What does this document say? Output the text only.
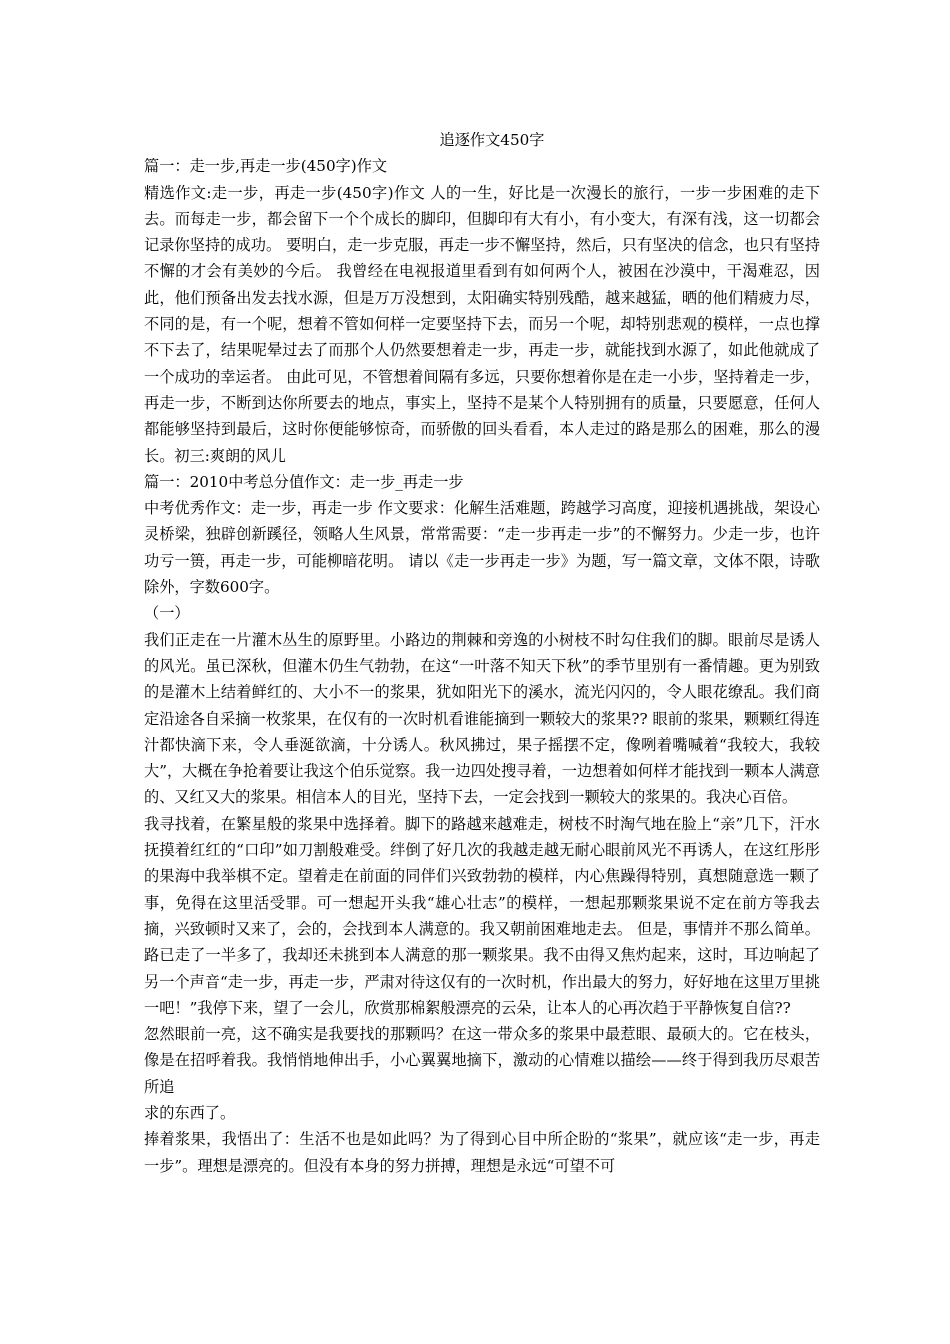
追逐作文450字

篇一：走一步,再走一步(450字)作文

精选作文:走一步，再走一步(450字)作文 人的一生，好比是一次漫长的旅行，一步一步困难的走下去。而每走一步，都会留下一个个成长的脚印，但脚印有大有小，有小变大，有深有浅，这一切都会记录你坚持的成功。 要明白，走一步克服，再走一步不懈坚持，然后，只有坚决的信念，也只有坚持不懈的才会有美妙的今后。 我曾经在电视报道里看到有如何两个人，被困在沙漠中，干渴难忍，因此，他们预备出发去找水源，但是万万没想到，太阳确实特别残酷，越来越猛，晒的他们精疲力尽，不同的是，有一个呢，想着不管如何样一定要坚持下去，而另一个呢，却特别悲观的模样，一点也撑不下去了，结果呢晕过去了而那个人仍然要想着走一步，再走一步，就能找到水源了，如此他就成了一个成功的幸运者。 由此可见，不管想着间隔有多远，只要你想着你是在走一小步，坚持着走一步，再走一步，不断到达你所要去的地点，事实上，坚持不是某个人特别拥有的质量，只要愿意，任何人都能够坚持到最后，这时你便能够惊奇，而骄傲的回头看看，本人走过的路是那么的困难，那么的漫长。初三:爽朗的风儿

篇一：2010中考总分值作文：走一步_再走一步

中考优秀作文：走一步，再走一步 作文要求：化解生活难题，跨越学习高度，迎接机遇挑战，架设心灵桥梁，独辟创新蹊径，领略人生风景，常常需要：“走一步再走一步”的不懈努力。少走一步，也许功亏一篑，再走一步，可能柳暗花明。 请以《走一步再走一步》为题，写一篇文章，文体不限，诗歌除外，字数600字。

（一）

我们正走在一片灌木丛生的原野里。小路边的荆棘和旁逸的小树枝不时勾住我们的脚。眼前尽是诱人的风光。虽已深秋，但灌木仍生气勃勃，在这“一叶落不知天下秋”的季节里别有一番情趣。更为别致的是灌木上结着鲜红的、大小不一的浆果，犹如阳光下的溪水，流光闪闪的，令人眼花缭乱。我们商定沿途各自采摘一枚浆果，在仅有的一次时机看谁能摘到一颗较大的浆果?? 眼前的浆果，颗颗红得连汁都快滴下来，令人垂涎欲滴，十分诱人。秋风拂过，果子摇摆不定，像咧着嘴喊着“我较大，我较大”，大概在争抢着要让我这个伯乐觉察。我一边四处搜寻着，一边想着如何样才能找到一颗本人满意的、又红又大的浆果。相信本人的目光，坚持下去，一定会找到一颗较大的浆果的。我决心百倍。

我寻找着，在繁星般的浆果中选择着。脚下的路越来越难走，树枝不时淘气地在脸上“亲”几下，汗水抚摸着红红的“口印”如刀割般难受。绊倒了好几次的我越走越无耐心眼前风光不再诱人，在这红彤彤的果海中我举棋不定。望着走在前面的同伴们兴致勃勃的模样，内心焦躁得特别，真想随意选一颗了事，免得在这里活受罪。可一想起开头我“雄心壮志”的模样，一想起那颗浆果说不定在前方等我去摘，兴致顿时又来了，会的，会找到本人满意的。我又朝前困难地走去。 但是，事情并不那么简单。路已走了一半多了，我却还未挑到本人满意的那一颗浆果。我不由得又焦灼起来，这时，耳边响起了另一个声音“走一步，再走一步，严肃对待这仅有的一次时机，作出最大的努力，好好地在这里万里挑一吧！”我停下来，望了一会儿，欣赏那棉絮般漂亮的云朵，让本人的心再次趋于平静恢复自信??

忽然眼前一亮，这不确实是我要找的那颗吗？在这一带众多的浆果中最惹眼、最硕大的。它在枝头，像是在招呼着我。我悄悄地伸出手，小心翼翼地摘下，激动的心情难以描绘——终于得到我历尽艰苦所追

求的东西了。

捧着浆果，我悟出了：生活不也是如此吗？为了得到心目中所企盼的“浆果”，就应该“走一步，再走一步”。理想是漂亮的。但没有本身的努力拼搏，理想是永远“可望不可
